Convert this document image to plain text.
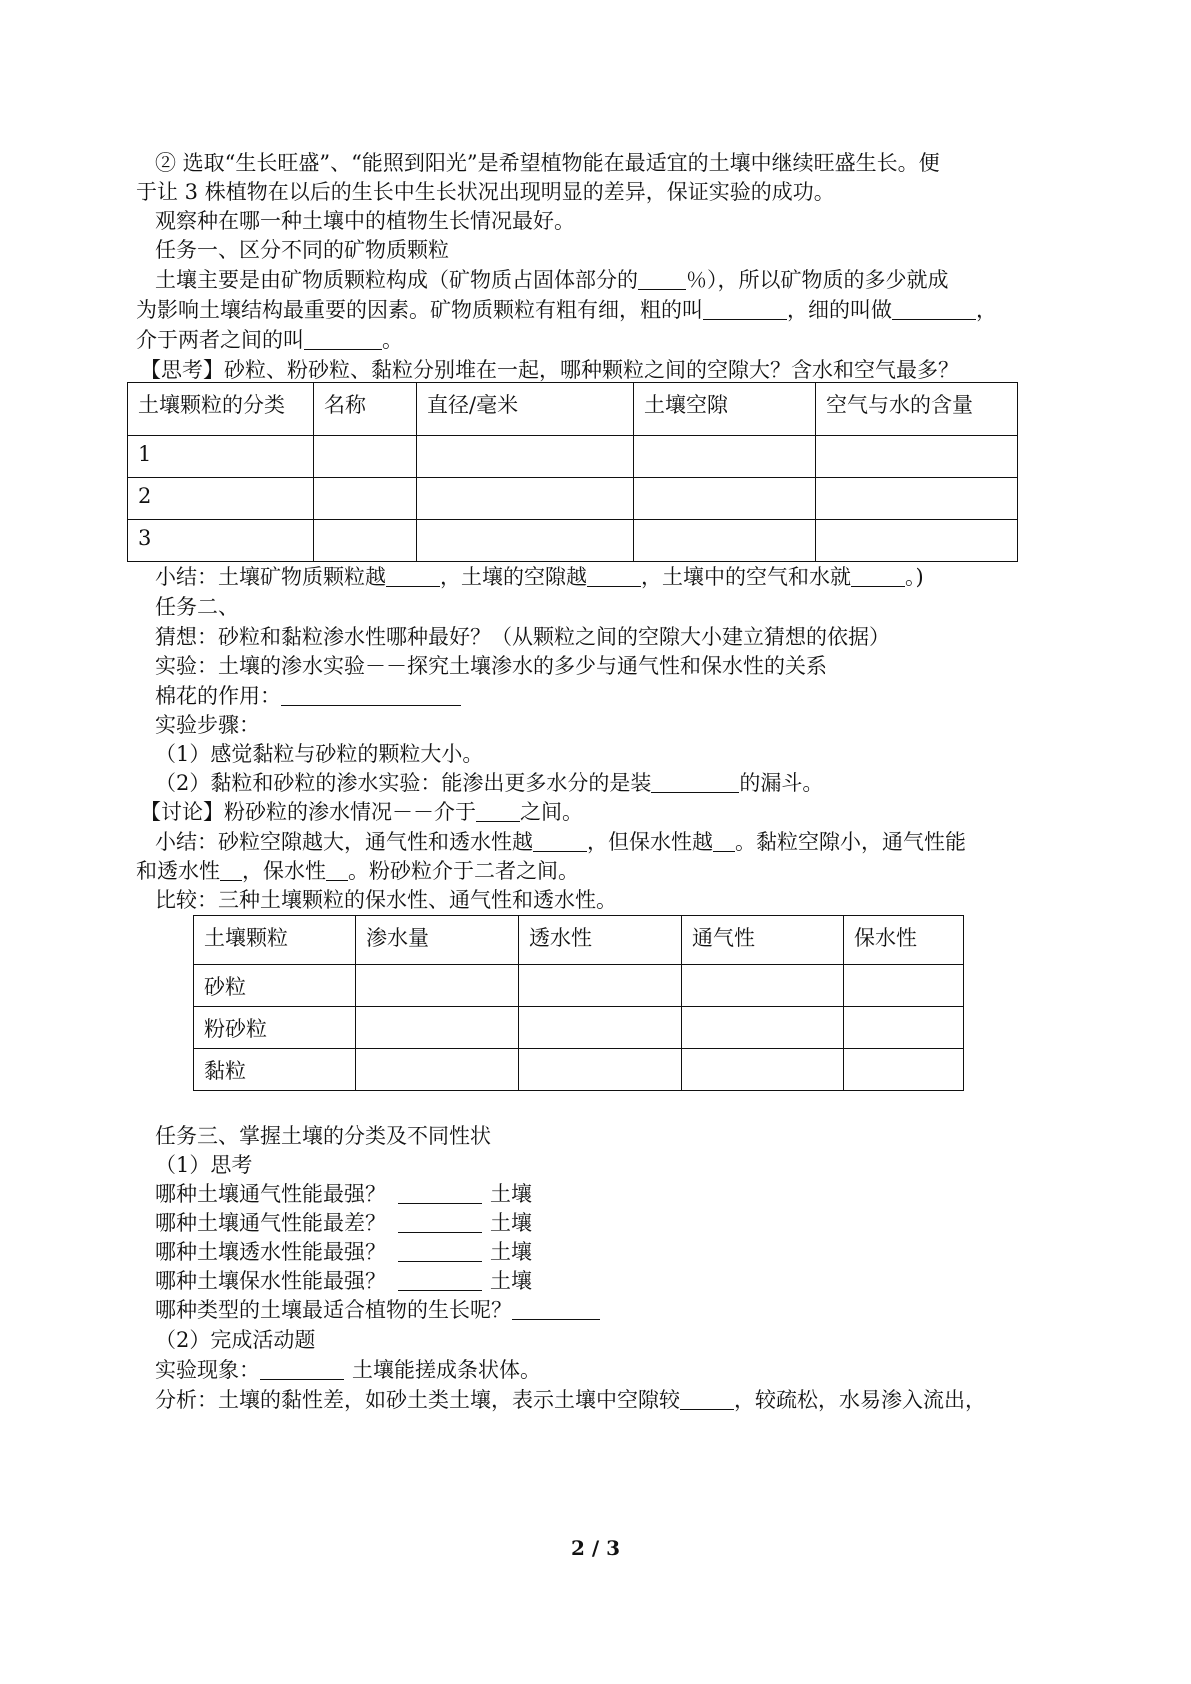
② 选取“生长旺盛”、“能照到阳光”是希望植物能在最适宜的土壤中继续旺盛生长。便
于让 3 株植物在以后的生长中生长状况出现明显的差异，保证实验的成功。
观察种在哪一种土壤中的植物生长情况最好。
任务一、区分不同的矿物质颗粒
土壤主要是由矿物质颗粒构成（矿物质占固体部分的 ％），所以矿物质的多少就成
为影响土壤结构最重要的因素。矿物质颗粒有粗有细，粗的叫	，细的叫做	，
介于两者之间的叫	。
【思考】砂粒、粉砂粒、黏粒分别堆在一起，哪种颗粒之间的空隙大？含水和空气最多？
土壤颗粒的分类	名称	直径/毫米	土壤空隙	空气与水的含量
1				
2				
3				
小结：土壤矿物质颗粒越	，土壤的空隙越	，土壤中的空气和水就	。)
任务二、
猜想：砂粒和黏粒渗水性哪种最好？（从颗粒之间的空隙大小建立猜想的依据）
实验：土壤的渗水实验－－探究土壤渗水的多少与通气性和保水性的关系
棉花的作用：
实验步骤：
（1）感觉黏粒与砂粒的颗粒大小。
（2）黏粒和砂粒的渗水实验：能渗出更多水分的是装	的漏斗。
【讨论】粉砂粒的渗水情况－－介于 之间。
小结：砂粒空隙越大，通气性和透水性越	，但保水性越 。黏粒空隙小，通气性能
和透水性 ，保水性 。粉砂粒介于二者之间。
比较：三种土壤颗粒的保水性、通气性和透水性。
土壤颗粒	渗水量	透水性	通气性	保水性
砂粒				
粉砂粒				
黏粒				
任务三、掌握土壤的分类及不同性状
（1）思考
哪种土壤通气性能最强？	土壤
哪种土壤通气性能最差？	土壤
哪种土壤透水性能最强？	土壤
哪种土壤保水性能最强？	土壤
哪种类型的土壤最适合植物的生长呢？
（2）完成活动题
实验现象：	土壤能搓成条状体。
分析：土壤的黏性差，如砂土类土壤，表示土壤中空隙较	，较疏松，水易渗入流出，
2 / 3
